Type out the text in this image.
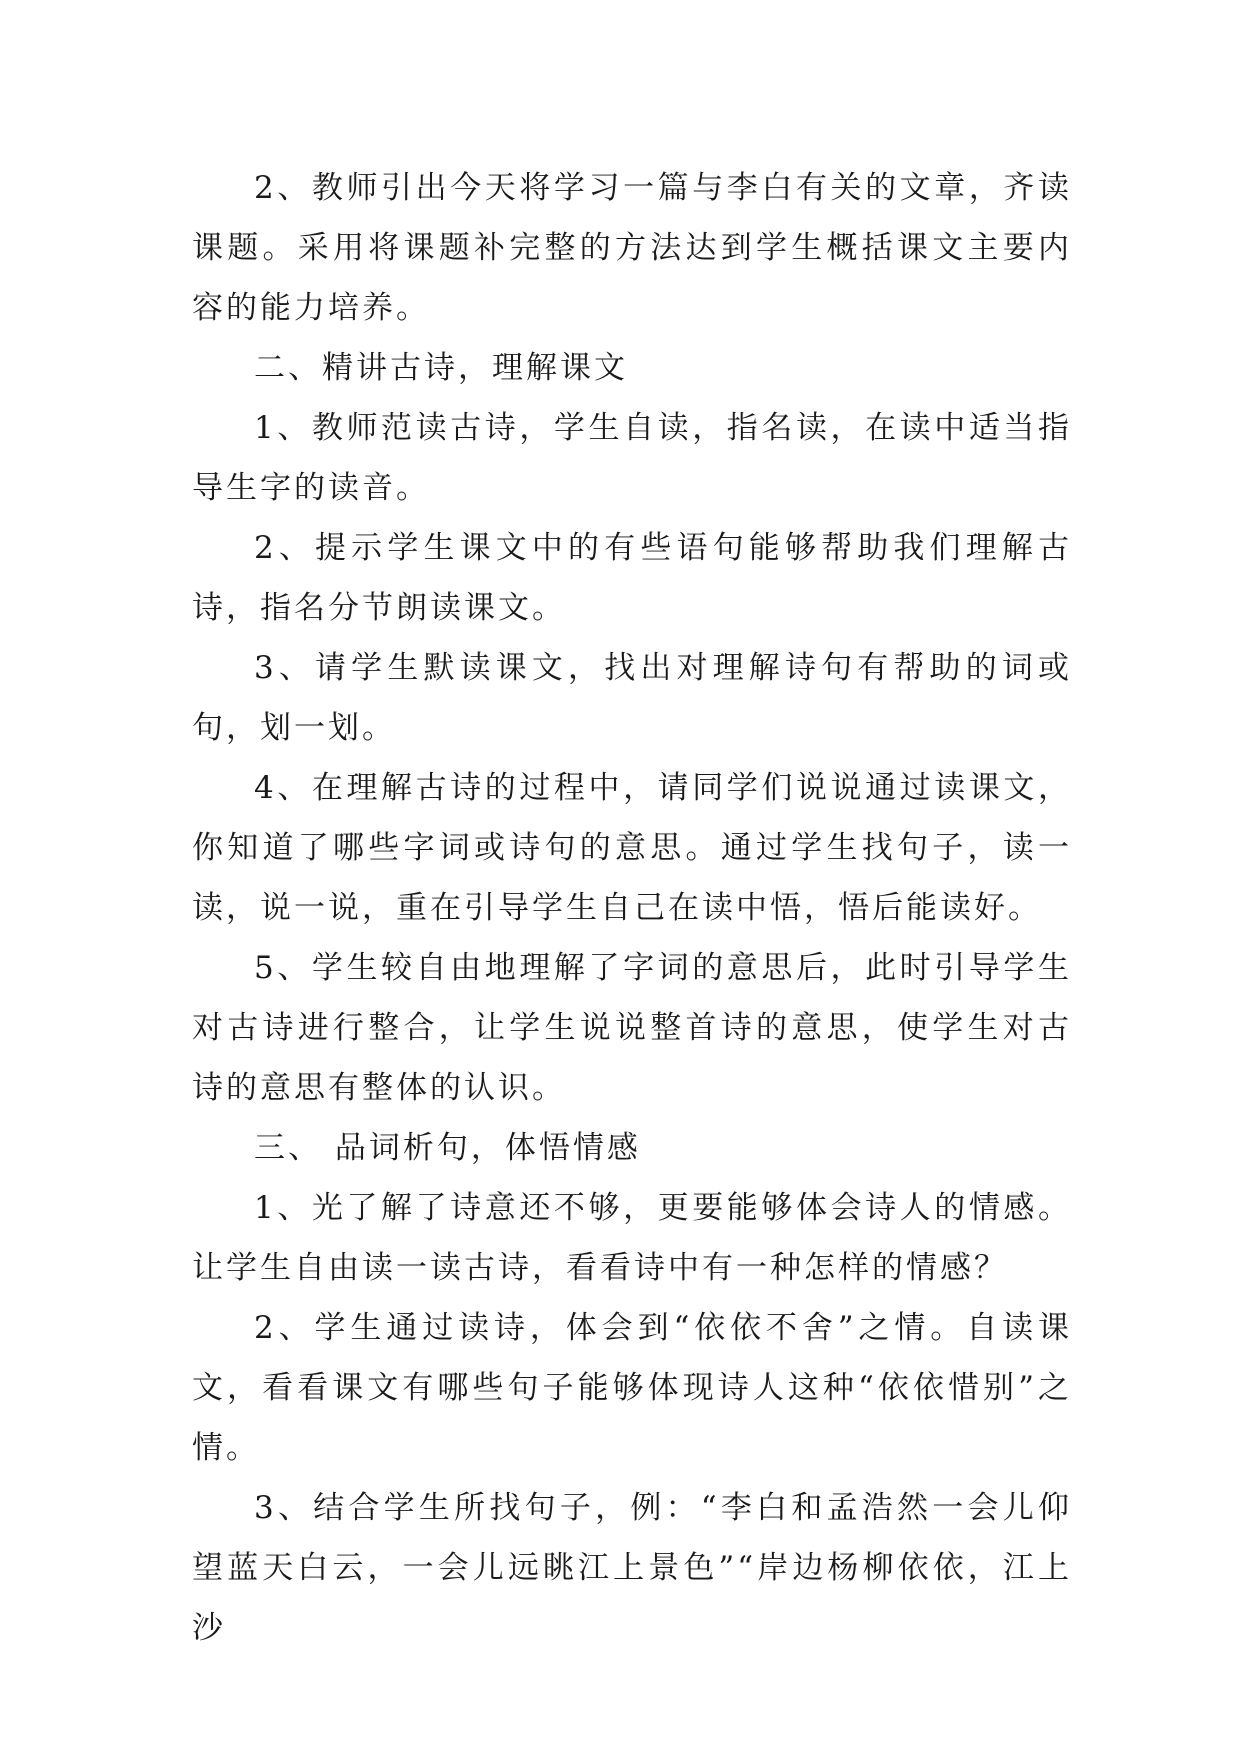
2、教师引出今天将学习一篇与李白有关的文章，齐读课题。采用将课题补完整的方法达到学生概括课文主要内容的能力培养。

二、精讲古诗，理解课文

1、教师范读古诗，学生自读，指名读，在读中适当指导生字的读音。

2、提示学生课文中的有些语句能够帮助我们理解古诗，指名分节朗读课文。

3、请学生默读课文，找出对理解诗句有帮助的词或句，划一划。

4、在理解古诗的过程中，请同学们说说通过读课文，你知道了哪些字词或诗句的意思。通过学生找句子，读一读，说一说，重在引导学生自己在读中悟，悟后能读好。

5、学生较自由地理解了字词的意思后，此时引导学生对古诗进行整合，让学生说说整首诗的意思，使学生对古诗的意思有整体的认识。

三、 品词析句，体悟情感

1、光了解了诗意还不够，更要能够体会诗人的情感。让学生自由读一读古诗，看看诗中有一种怎样的情感？

2、学生通过读诗，体会到“依依不舍”之情。自读课文，看看课文有哪些句子能够体现诗人这种“依依惜别”之情。

3、结合学生所找句子，例：“李白和孟浩然一会儿仰望蓝天白云，一会儿远眺江上景色”“岸边杨柳依依，江上沙
